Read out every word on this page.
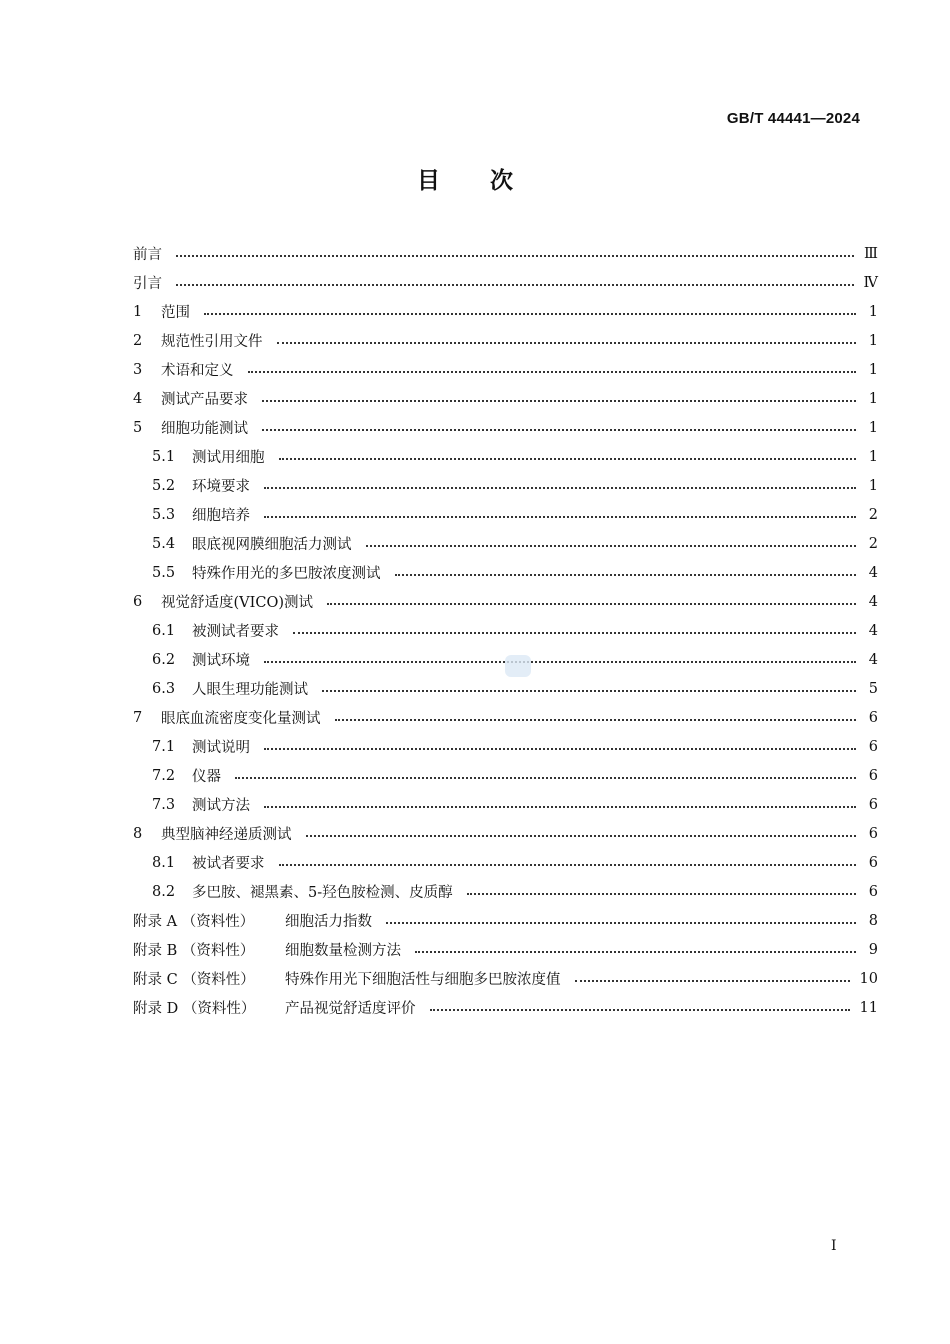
GB/T 44441—2024
目次
前言	Ⅲ
引言	Ⅳ
1	范围	1
2	规范性引用文件	1
3	术语和定义	1
4	测试产品要求	1
5	细胞功能测试	1
5.1	测试用细胞	1
5.2	环境要求	1
5.3	细胞培养	2
5.4	眼底视网膜细胞活力测试	2
5.5	特殊作用光的多巴胺浓度测试	4
6	视觉舒适度(VICO)测试	4
6.1	被测试者要求	4
6.2	测试环境	4
6.3	人眼生理功能测试	5
7	眼底血流密度变化量测试	6
7.1	测试说明	6
7.2	仪器	6
7.3	测试方法	6
8	典型脑神经递质测试	6
8.1	被试者要求	6
8.2	多巴胺、褪黑素、5-羟色胺检测、皮质醇	6
附录 A （资料性）	细胞活力指数	8
附录 B （资料性）	细胞数量检测方法	9
附录 C （资料性）	特殊作用光下细胞活性与细胞多巴胺浓度值	10
附录 D （资料性）	产品视觉舒适度评价	11
Ⅰ
